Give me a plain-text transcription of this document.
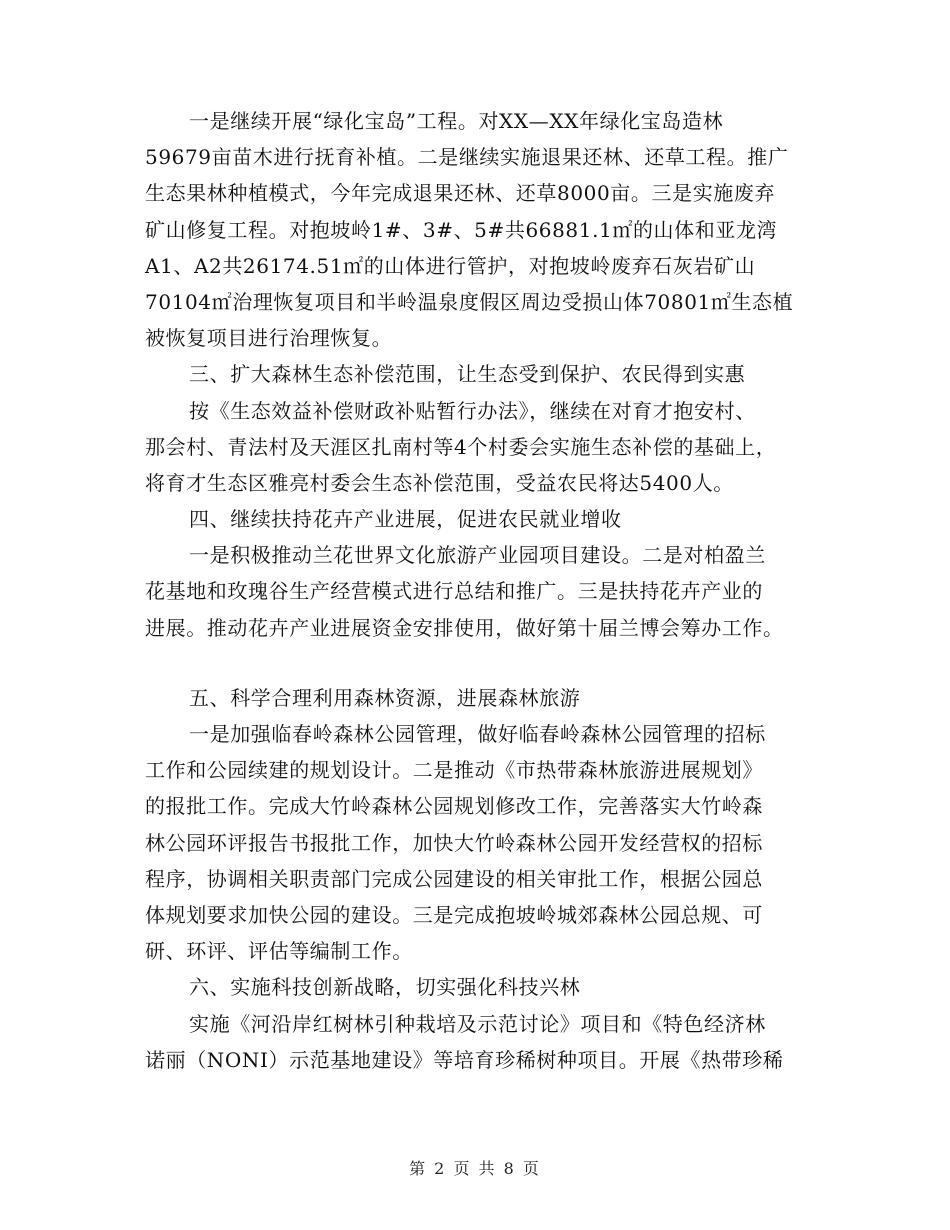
一是继续开展“绿化宝岛”工程。对XX—XX年绿化宝岛造林
59679亩苗木进行抚育补植。二是继续实施退果还林、还草工程。推广
生态果林种植模式，今年完成退果还林、还草8000亩。三是实施废弃
矿山修复工程。对抱坡岭1#、3#、5#共66881.1㎡的山体和亚龙湾
A1、A2共26174.51㎡的山体进行管护，对抱坡岭废弃石灰岩矿山
70104㎡治理恢复项目和半岭温泉度假区周边受损山体70801㎡生态植
被恢复项目进行治理恢复。
三、扩大森林生态补偿范围，让生态受到保护、农民得到实惠
按《生态效益补偿财政补贴暂行办法》，继续在对育才抱安村、
那会村、青法村及天涯区扎南村等4个村委会实施生态补偿的基础上，
将育才生态区雅亮村委会生态补偿范围，受益农民将达5400人。
四、继续扶持花卉产业进展，促进农民就业增收
一是积极推动兰花世界文化旅游产业园项目建设。二是对柏盈兰
花基地和玫瑰谷生产经营模式进行总结和推广。三是扶持花卉产业的
进展。推动花卉产业进展资金安排使用，做好第十届兰博会筹办工作。
五、科学合理利用森林资源，进展森林旅游
一是加强临春岭森林公园管理，做好临春岭森林公园管理的招标
工作和公园续建的规划设计。二是推动《市热带森林旅游进展规划》
的报批工作。完成大竹岭森林公园规划修改工作，完善落实大竹岭森
林公园环评报告书报批工作，加快大竹岭森林公园开发经营权的招标
程序，协调相关职责部门完成公园建设的相关审批工作，根据公园总
体规划要求加快公园的建设。三是完成抱坡岭城郊森林公园总规、可
研、环评、评估等编制工作。
六、实施科技创新战略，切实强化科技兴林
实施《河沿岸红树林引种栽培及示范讨论》项目和《特色经济林
诺丽（NONI）示范基地建设》等培育珍稀树种项目。开展《热带珍稀
第 2 页 共 8 页
